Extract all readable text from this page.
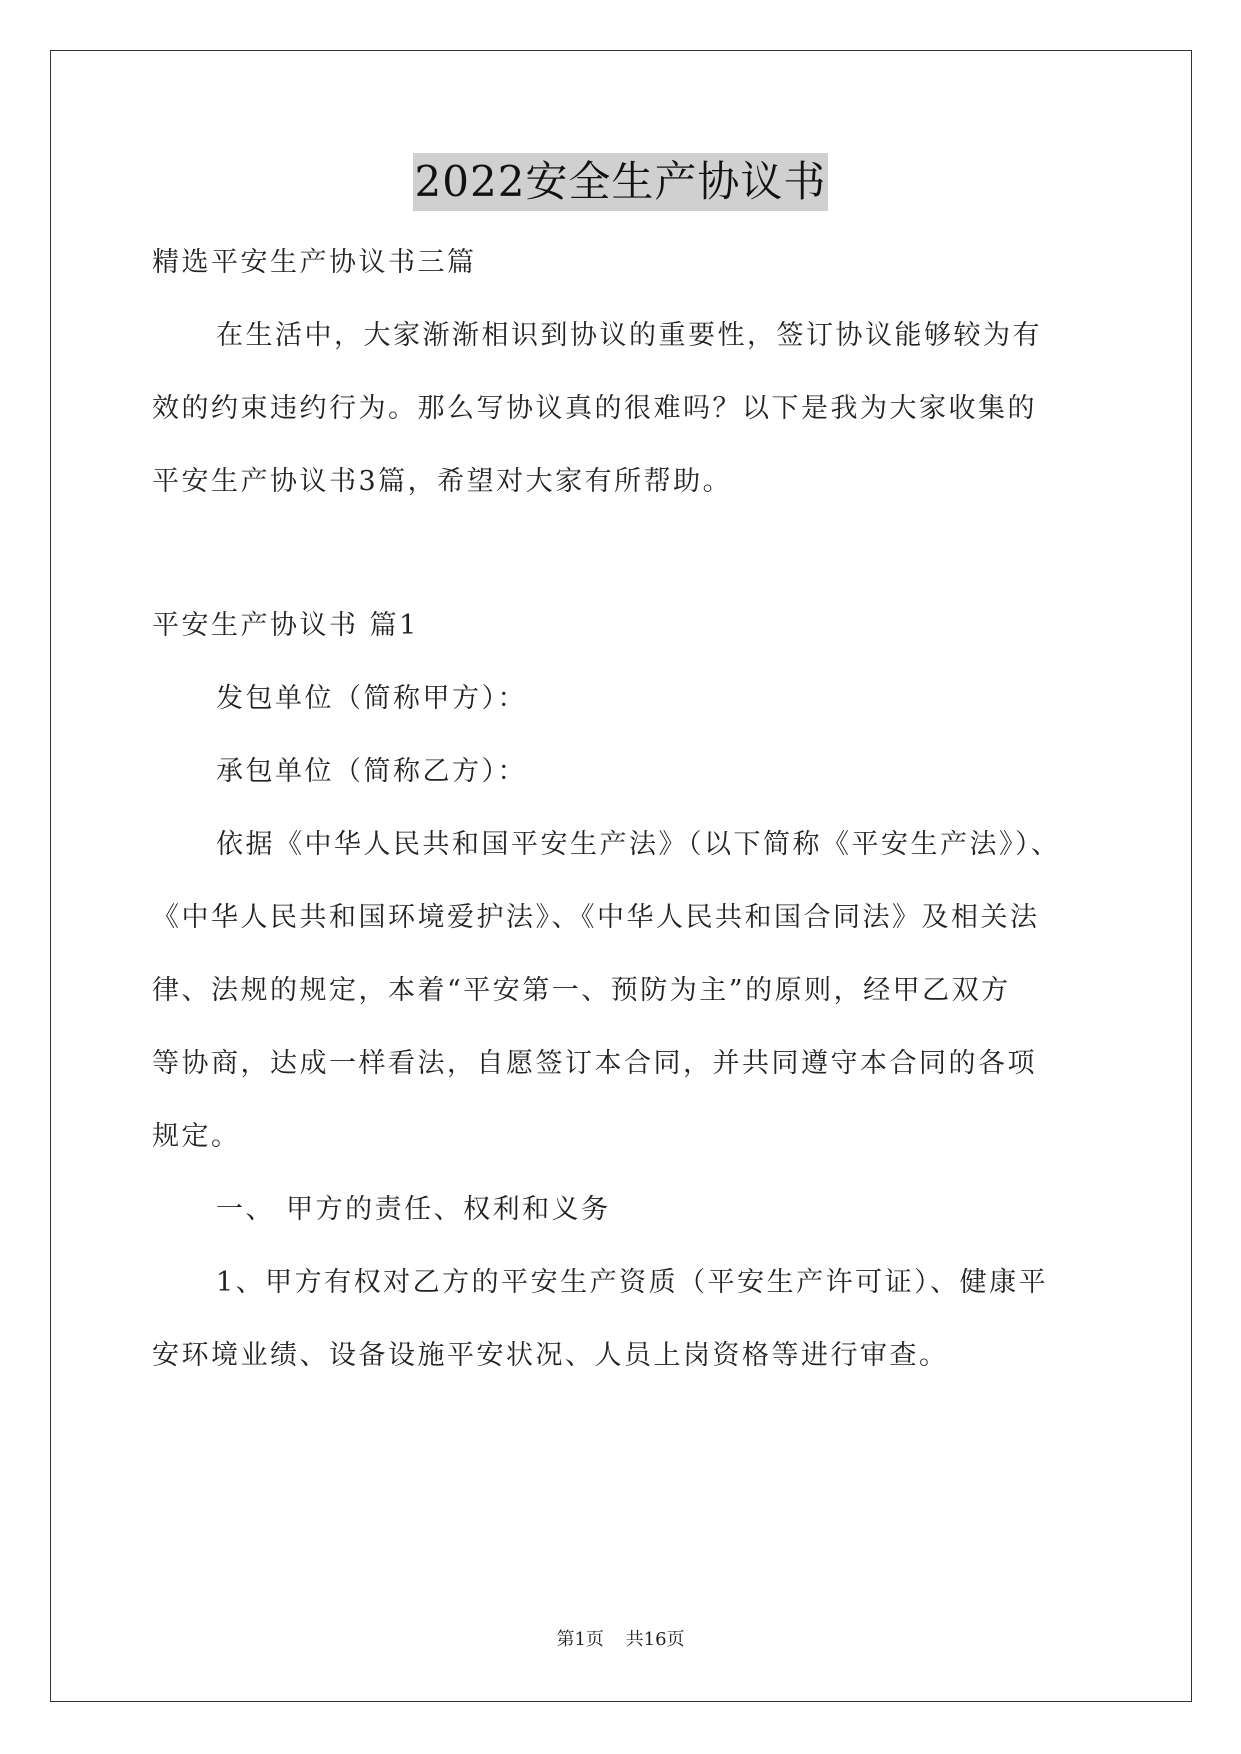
2022安全生产协议书
精选平安生产协议书三篇
在生活中，大家渐渐相识到协议的重要性，签订协议能够较为有
效的约束违约行为。那么写协议真的很难吗？以下是我为大家收集的
平安生产协议书3篇，希望对大家有所帮助。
平安生产协议书 篇1
发包单位（简称甲方）：
承包单位（简称乙方）：
依据《中华人民共和国平安生产法》（以下简称《平安生产法》）、
《中华人民共和国环境爱护法》、《中华人民共和国合同法》及相关法
律、法规的规定，本着“平安第一、预防为主”的原则，经甲乙双方
等协商，达成一样看法，自愿签订本合同，并共同遵守本合同的各项
规定。
一、 甲方的责任、权利和义务
1、甲方有权对乙方的平安生产资质（平安生产许可证）、健康平
安环境业绩、设备设施平安状况、人员上岗资格等进行审查。
第1页 共16页
